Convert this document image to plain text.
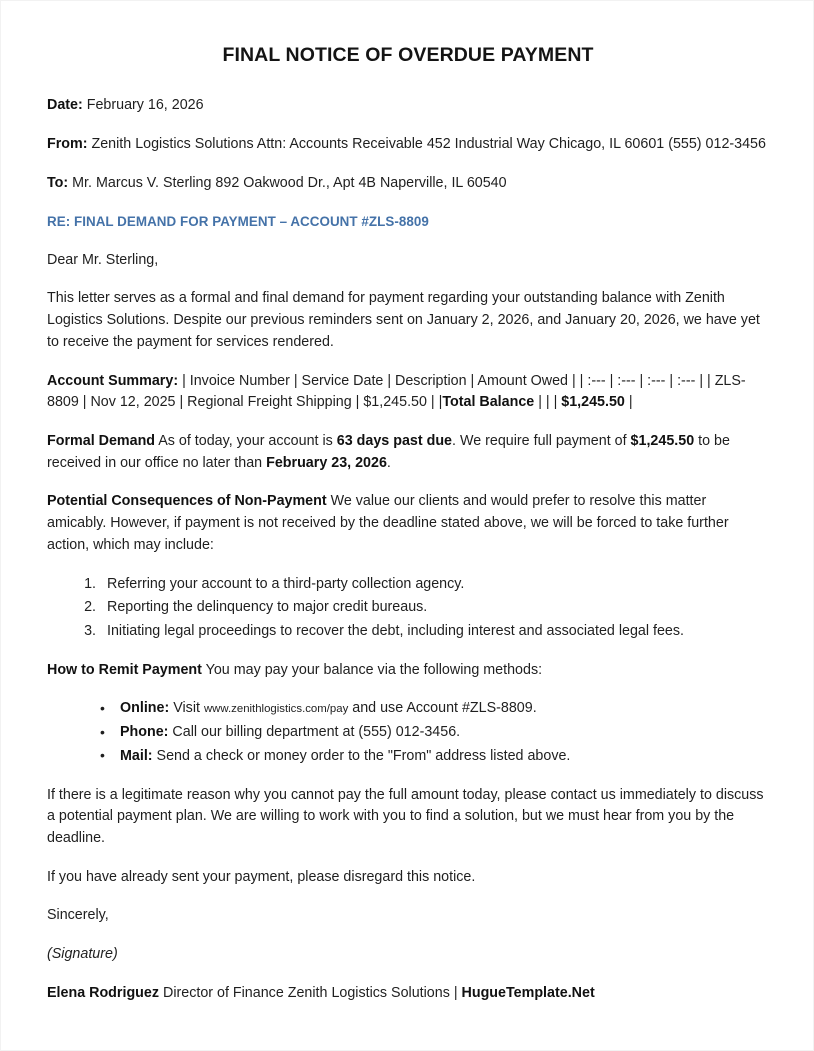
FINAL NOTICE OF OVERDUE PAYMENT

Date: February 16, 2026

From: Zenith Logistics Solutions Attn: Accounts Receivable 452 Industrial Way Chicago, IL 60601 (555) 012-3456

To: Mr. Marcus V. Sterling 892 Oakwood Dr., Apt 4B Naperville, IL 60540

RE: FINAL DEMAND FOR PAYMENT – ACCOUNT #ZLS-8809

Dear Mr. Sterling,

This letter serves as a formal and final demand for payment regarding your outstanding balance with Zenith Logistics Solutions. Despite our previous reminders sent on January 2, 2026, and January 20, 2026, we have yet to receive the payment for services rendered.

Account Summary: | Invoice Number | Service Date | Description | Amount Owed | | :--- | :--- | :--- | :--- | | ZLS-8809 | Nov 12, 2025 | Regional Freight Shipping | $1,245.50 | |Total Balance | | | $1,245.50 |

Formal Demand As of today, your account is 63 days past due. We require full payment of $1,245.50 to be received in our office no later than February 23, 2026.

Potential Consequences of Non-Payment We value our clients and would prefer to resolve this matter amicably. However, if payment is not received by the deadline stated above, we will be forced to take further action, which may include:

1. Referring your account to a third-party collection agency.
2. Reporting the delinquency to major credit bureaus.
3. Initiating legal proceedings to recover the debt, including interest and associated legal fees.

How to Remit Payment You may pay your balance via the following methods:

• Online: Visit www.zenithlogistics.com/pay and use Account #ZLS-8809.
• Phone: Call our billing department at (555) 012-3456.
• Mail: Send a check or money order to the "From" address listed above.

If there is a legitimate reason why you cannot pay the full amount today, please contact us immediately to discuss a potential payment plan. We are willing to work with you to find a solution, but we must hear from you by the deadline.

If you have already sent your payment, please disregard this notice.

Sincerely,

(Signature)

Elena Rodriguez Director of Finance Zenith Logistics Solutions | HugueTemplate.Net
